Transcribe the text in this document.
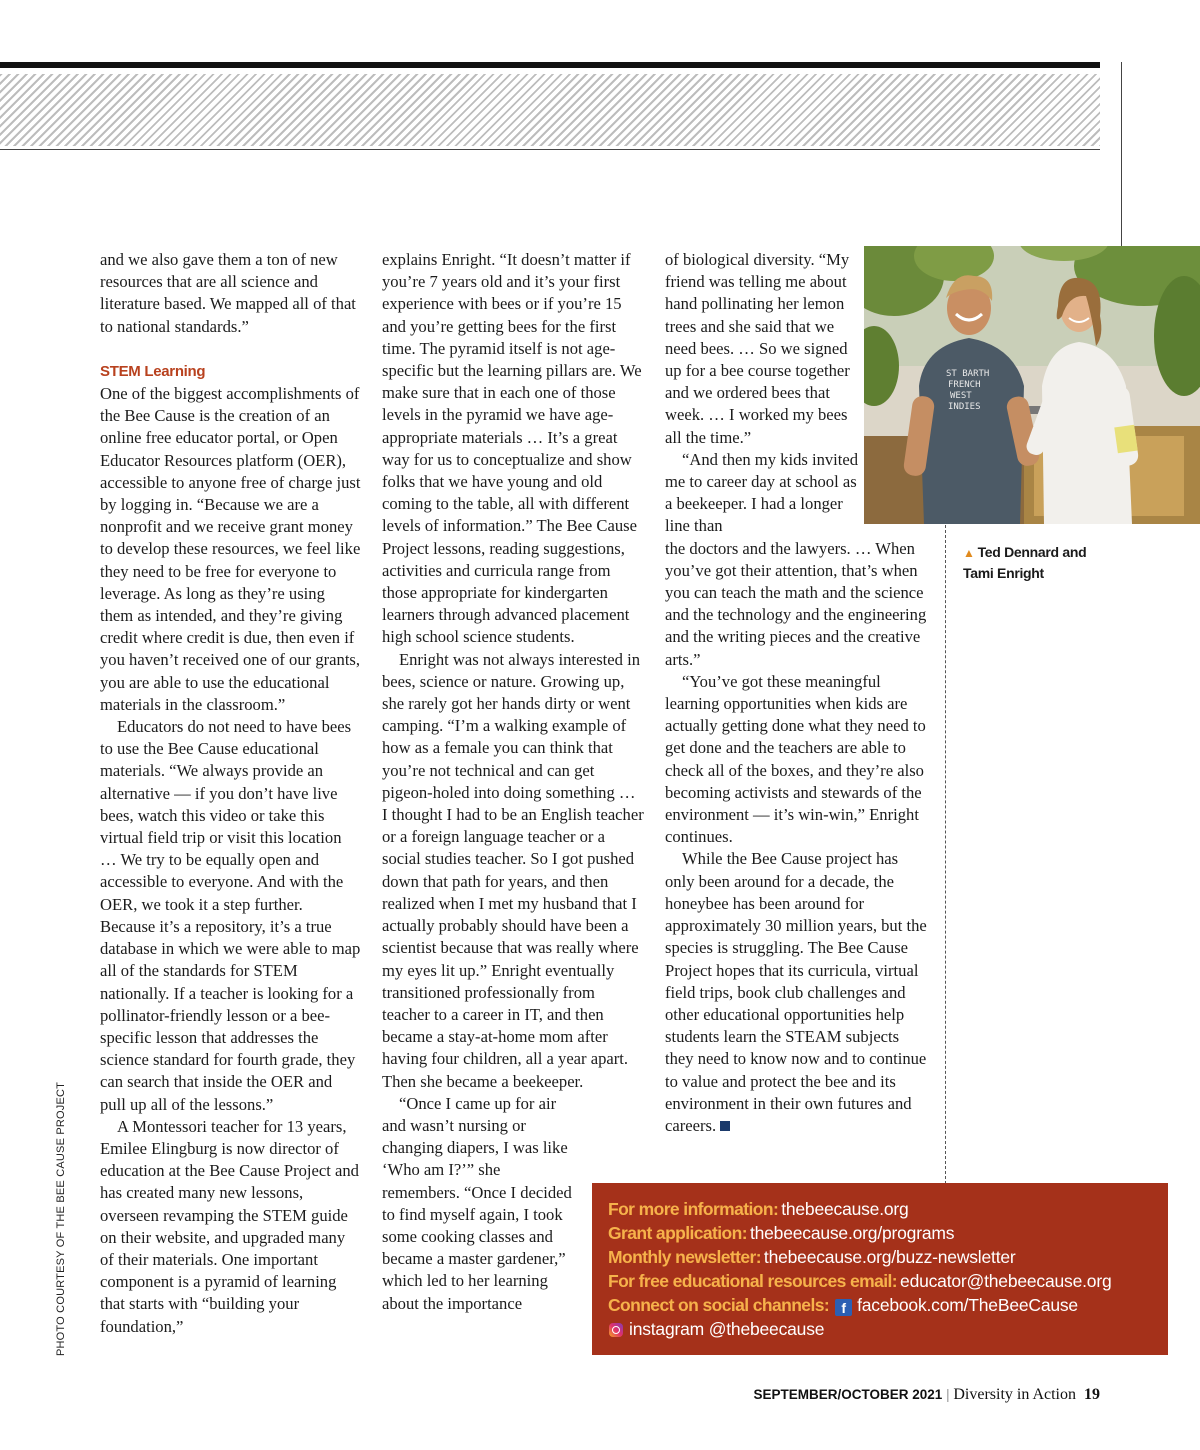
PHOTO COURTESY OF THE BEE CAUSE PROJECT

and we also gave them a ton of new resources that are all science and literature based. We mapped all of that to national standards.”

STEM Learning

One of the biggest accomplishments of the Bee Cause is the creation of an online free educator portal, or Open Educator Resources platform (OER), accessible to anyone free of charge just by logging in. “Because we are a nonprofit and we receive grant money to develop these resources, we feel like they need to be free for everyone to leverage. As long as they’re using them as intended, and they’re giving credit where credit is due, then even if you haven’t received one of our grants, you are able to use the educational materials in the classroom.”

Educators do not need to have bees to use the Bee Cause educational materials. “We always provide an alternative — if you don’t have live bees, watch this video or take this virtual field trip or visit this location … We try to be equally open and accessible to everyone. And with the OER, we took it a step further. Because it’s a repository, it’s a true database in which we were able to map all of the standards for STEM nationally. If a teacher is looking for a pollinator-friendly lesson or a bee-specific lesson that addresses the science standard for fourth grade, they can search that inside the OER and pull up all of the lessons.”

A Montessori teacher for 13 years, Emilee Elingburg is now director of education at the Bee Cause Project and has created many new lessons, overseen revamping the STEM guide on their website, and upgraded many of their materials. One important component is a pyramid of learning that starts with “building your foundation,”

explains Enright. “It doesn’t matter if you’re 7 years old and it’s your first experience with bees or if you’re 15 and you’re getting bees for the first time. The pyramid itself is not age-specific but the learning pillars are. We make sure that in each one of those levels in the pyramid we have age-appropriate materials … It’s a great way for us to conceptualize and show folks that we have young and old coming to the table, all with different levels of information.” The Bee Cause Project lessons, reading suggestions, activities and curricula range from those appropriate for kindergarten learners through advanced placement high school science students.

Enright was not always interested in bees, science or nature. Growing up, she rarely got her hands dirty or went camping. “I’m a walking example of how as a female you can think that you’re not technical and can get pigeon-holed into doing something … I thought I had to be an English teacher or a foreign language teacher or a social studies teacher. So I got pushed down that path for years, and then realized when I met my husband that I actually probably should have been a scientist because that was really where my eyes lit up.” Enright eventually transitioned professionally from teacher to a career in IT, and then became a stay-at-home mom after having four children, all a year apart. Then she became a beekeeper.

“Once I came up for air and wasn’t nursing or changing diapers, I was like ‘Who am I?’” she remembers. “Once I decided to find myself again, I took some cooking classes and became a master gardener,” which led to her learning about the importance

of biological diversity. “My friend was telling me about hand pollinating her lemon trees and she said that we need bees. … So we signed up for a bee course together and we ordered bees that week. … I worked my bees all the time.”

“And then my kids invited me to career day at school as a beekeeper. I had a longer line than

the doctors and the lawyers. … When you’ve got their attention, that’s when you can teach the math and the science and the technology and the engineering and the writing pieces and the creative arts.”

“You’ve got these meaningful learning opportunities when kids are actually getting done what they need to get done and the teachers are able to check all of the boxes, and they’re also becoming activists and stewards of the environment — it’s win-win,” Enright continues.

While the Bee Cause project has only been around for a decade, the honeybee has been around for approximately 30 million years, but the species is struggling. The Bee Cause Project hopes that its curricula, virtual field trips, book club challenges and other educational opportunities help students learn the STEAM subjects they need to know now and to continue to value and protect the bee and its environment in their own futures and careers.

ST BARTH
FRENCH
WEST
INDIES
▲ Ted Dennard and Tami Enright
For more information: thebeecause.org
Grant application: thebeecause.org/programs
Monthly newsletter: thebeecause.org/buzz-newsletter
For free educational resources email: educator@thebeecause.org
Connect on social channels: f facebook.com/TheBeeCause
instagram @thebeecause
SEPTEMBER/OCTOBER 2021 | Diversity in Action 19
